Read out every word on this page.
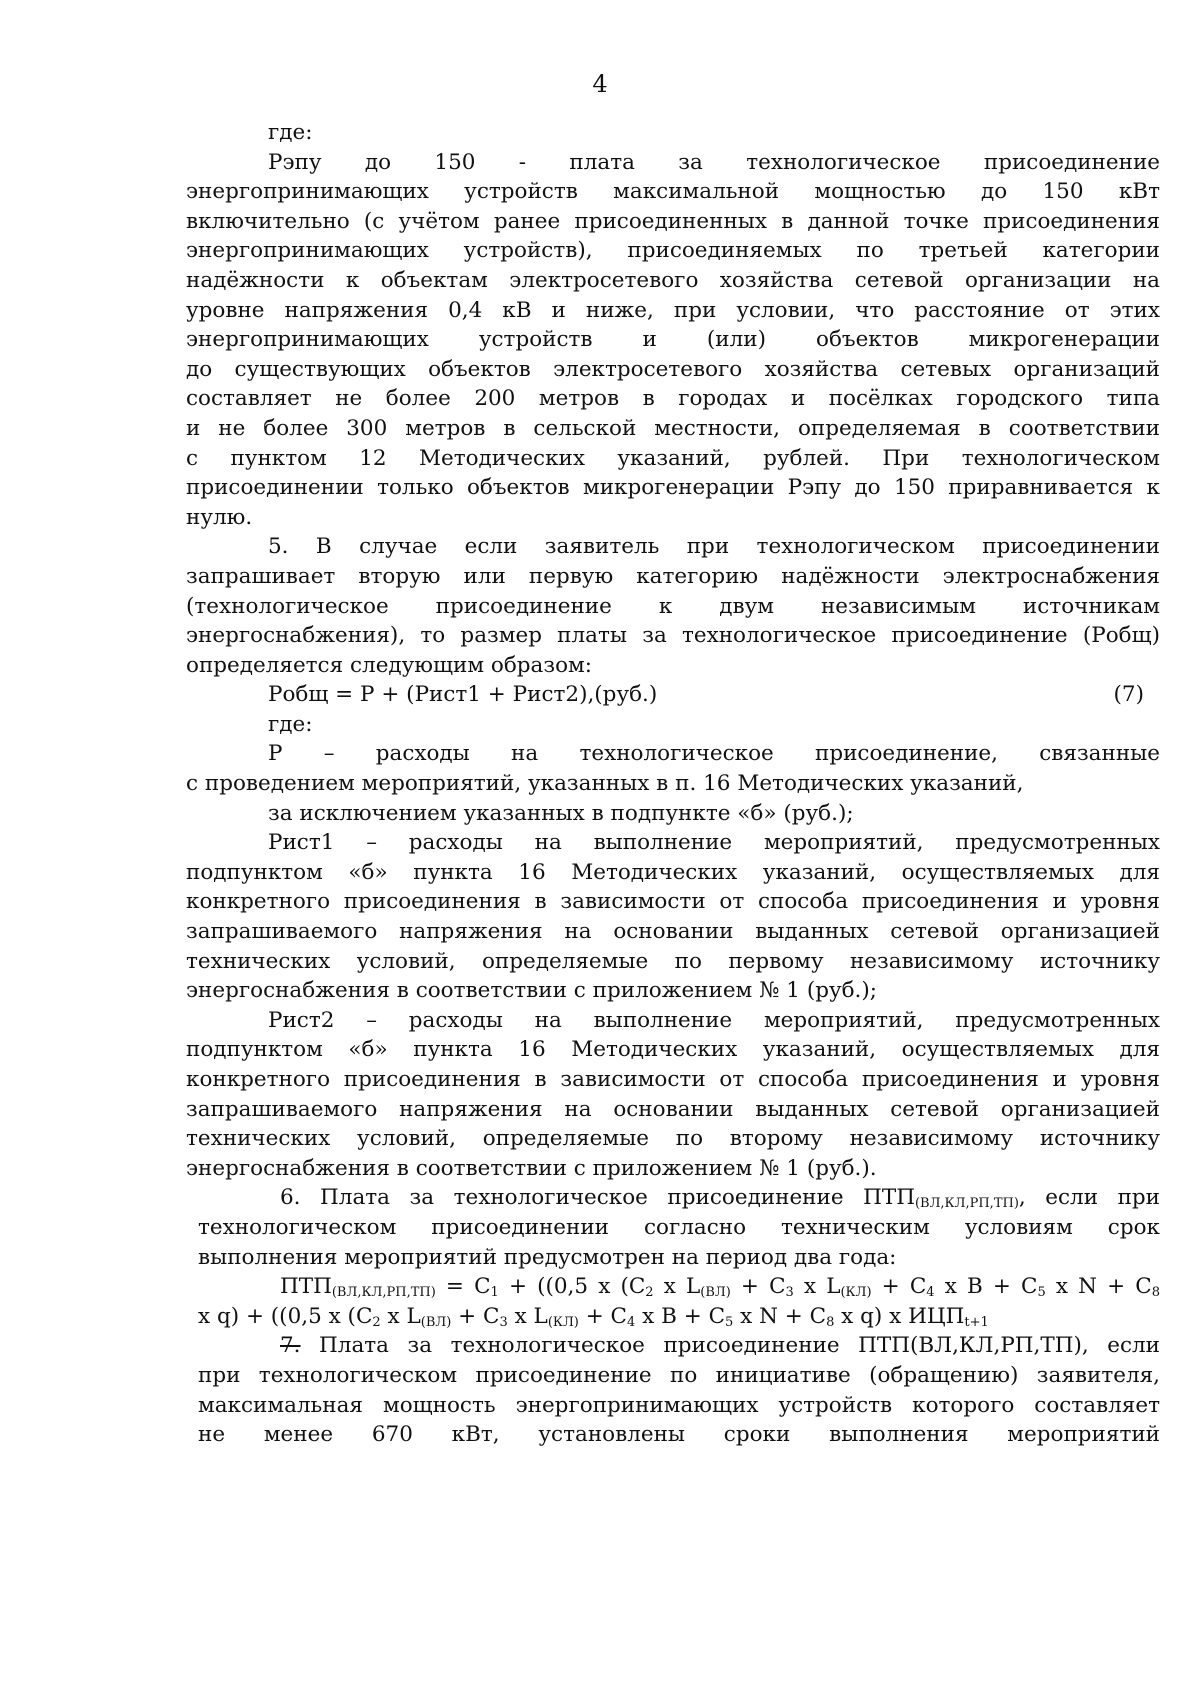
4

где:

Рэпу до 150 - плата за технологическое присоединение

энергопринимающих устройств максимальной мощностью до 150 кВт

включительно (с учётом ранее присоединенных в данной точке присоединения

энергопринимающих устройств), присоединяемых по третьей категории

надёжности к объектам электросетевого хозяйства сетевой организации на

уровне напряжения 0,4 кВ и ниже, при условии, что расстояние от этих

энергопринимающих устройств и (или) объектов микрогенерации

до существующих объектов электросетевого хозяйства сетевых организаций

составляет не более 200 метров в городах и посёлках городского типа

и не более 300 метров в сельской местности, определяемая в соответствии

с пунктом 12 Методических указаний, рублей. При технологическом

присоединении только объектов микрогенерации Рэпу до 150 приравнивается к

нулю.

5. В случае если заявитель при технологическом присоединении

запрашивает вторую или первую категорию надёжности электроснабжения

(технологическое присоединение к двум независимым источникам

энергоснабжения), то размер платы за технологическое присоединение (Робщ)

определяется следующим образом:

Робщ = Р + (Рист1 + Рист2),(руб.)	(7)

где:

Р – расходы на технологическое присоединение, связанные

с проведением мероприятий, указанных в п. 16 Методических указаний,

за исключением указанных в подпункте «б» (руб.);

Рист1 – расходы на выполнение мероприятий, предусмотренных

подпунктом «б» пункта 16 Методических указаний, осуществляемых для

конкретного присоединения в зависимости от способа присоединения и уровня

запрашиваемого напряжения на основании выданных сетевой организацией

технических условий, определяемые по первому независимому источнику

энергоснабжения в соответствии с приложением № 1 (руб.);

Рист2 – расходы на выполнение мероприятий, предусмотренных

подпунктом «б» пункта 16 Методических указаний, осуществляемых для

конкретного присоединения в зависимости от способа присоединения и уровня

запрашиваемого напряжения на основании выданных сетевой организацией

технических условий, определяемые по второму независимому источнику

энергоснабжения в соответствии с приложением № 1 (руб.).

6. Плата за технологическое присоединение $ПТП_{(ВЛ,КЛ,РП,ТП)}$, если при

технологическом присоединении согласно техническим условиям срок

выполнения мероприятий предусмотрен на период два года:

$ПТП_{(ВЛ,КЛ,РП,ТП)} = С_1 + ((0,5$ х ($С_2$ х $L_{(ВЛ)} + С_3$ х $L_{(КЛ)} + С_4$ х $В + С_5$ х $N + С_8$

х q) + ((0,5 х ($С_2$ х $L_{(ВЛ)} + С_3$ х $L_{(КЛ)} + С_4$ х $В + С_5$ х $N + С_8$ х q) х $ИЦП_{t+1}$

7. Плата за технологическое присоединение ПТП(ВЛ,КЛ,РП,ТП), если

при технологическом присоединение по инициативе (обращению) заявителя,

максимальная мощность энергопринимающих устройств которого составляет

не менее 670 кВт, установлены сроки выполнения мероприятий
